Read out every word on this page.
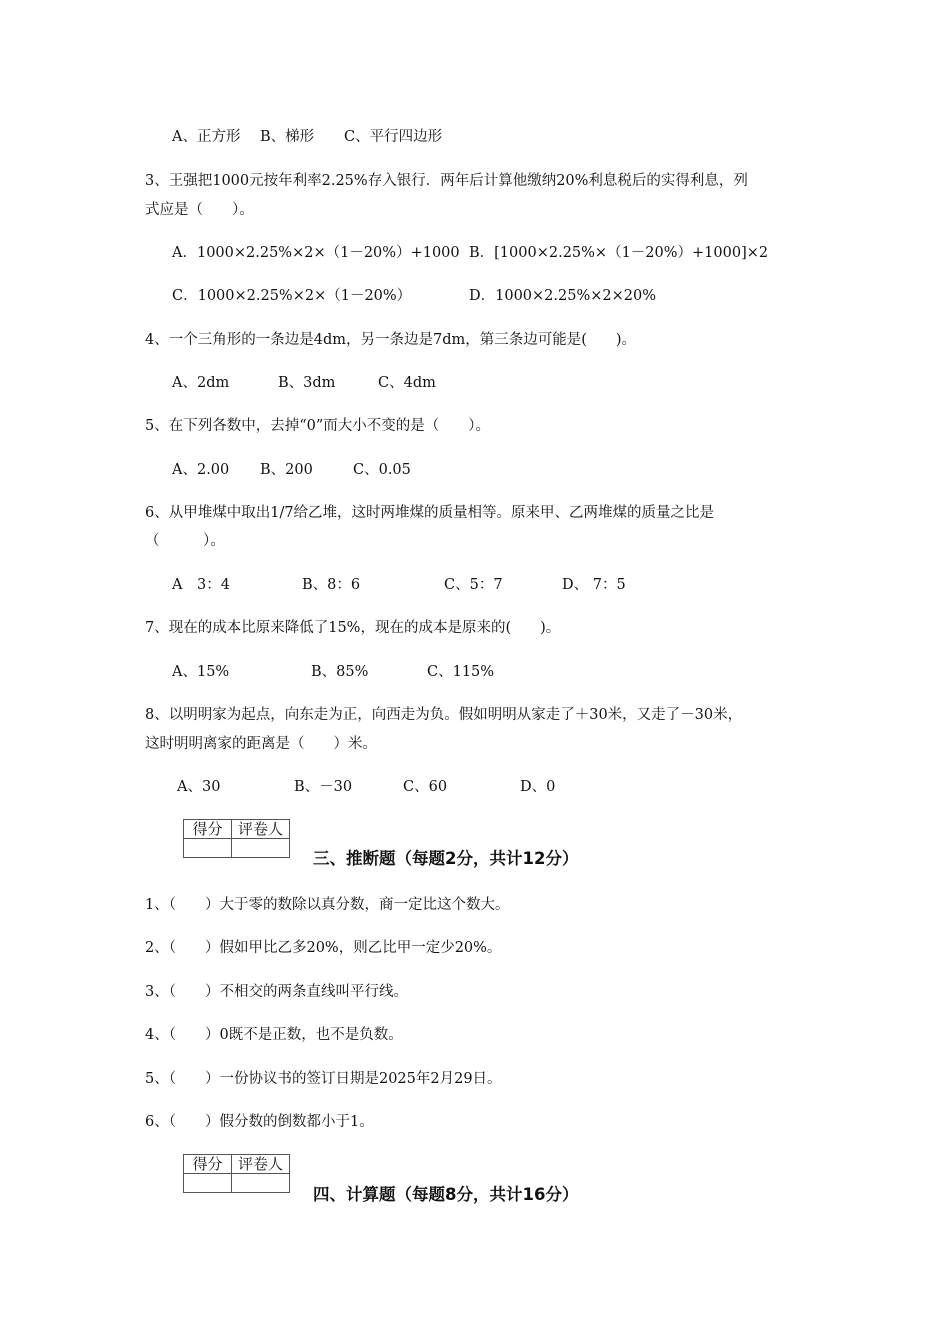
A、正方形

B、梯形

C、平行四边形

3、王强把1000元按年利率2.25%存入银行．两年后计算他缴纳20%利息税后的实得利息，列
式应是（　　）。

A．1000×2.25%×2×（1－20%）+1000

B．[1000×2.25%×（1－20%）+1000]×2

C．1000×2.25%×2×（1－20%）

	D．1000×2.25%×2×20%

4、一个三角形的一条边是4dm，另一条边是7dm，第三条边可能是(　　)。

A、2dm

	B、3dm

	C、4dm

5、在下列各数中，去掉“0”而大小不变的是（　　）。

A、2.00

B、200

	C、0.05

6、从甲堆煤中取出1/7给乙堆，这时两堆煤的质量相等。原来甲、乙两堆煤的质量之比是
（　　　）。

A　3：4

	B、8：6

	C、5：7

	D、 7：5

7、现在的成本比原来降低了15%，现在的成本是原来的(　　)。

A、15%

	B、85%

	C、115%

8、以明明家为起点，向东走为正，向西走为负。假如明明从家走了＋30米，又走了－30米，
这时明明离家的距离是（　　）米。

A、30

	B、－30

	C、60

	D、0

得分	评卷人

三、推断题（每题2分，共计12分）
1、（　　）大于零的数除以真分数，商一定比这个数大。
2、（　　）假如甲比乙多20%，则乙比甲一定少20%。
3、（　　）不相交的两条直线叫平行线。
4、（　　）0既不是正数，也不是负数。
5、（　　）一份协议书的签订日期是2025年2月29日。
6、（　　）假分数的倒数都小于1。
得分	评卷人

四、计算题（每题8分，共计16分）
